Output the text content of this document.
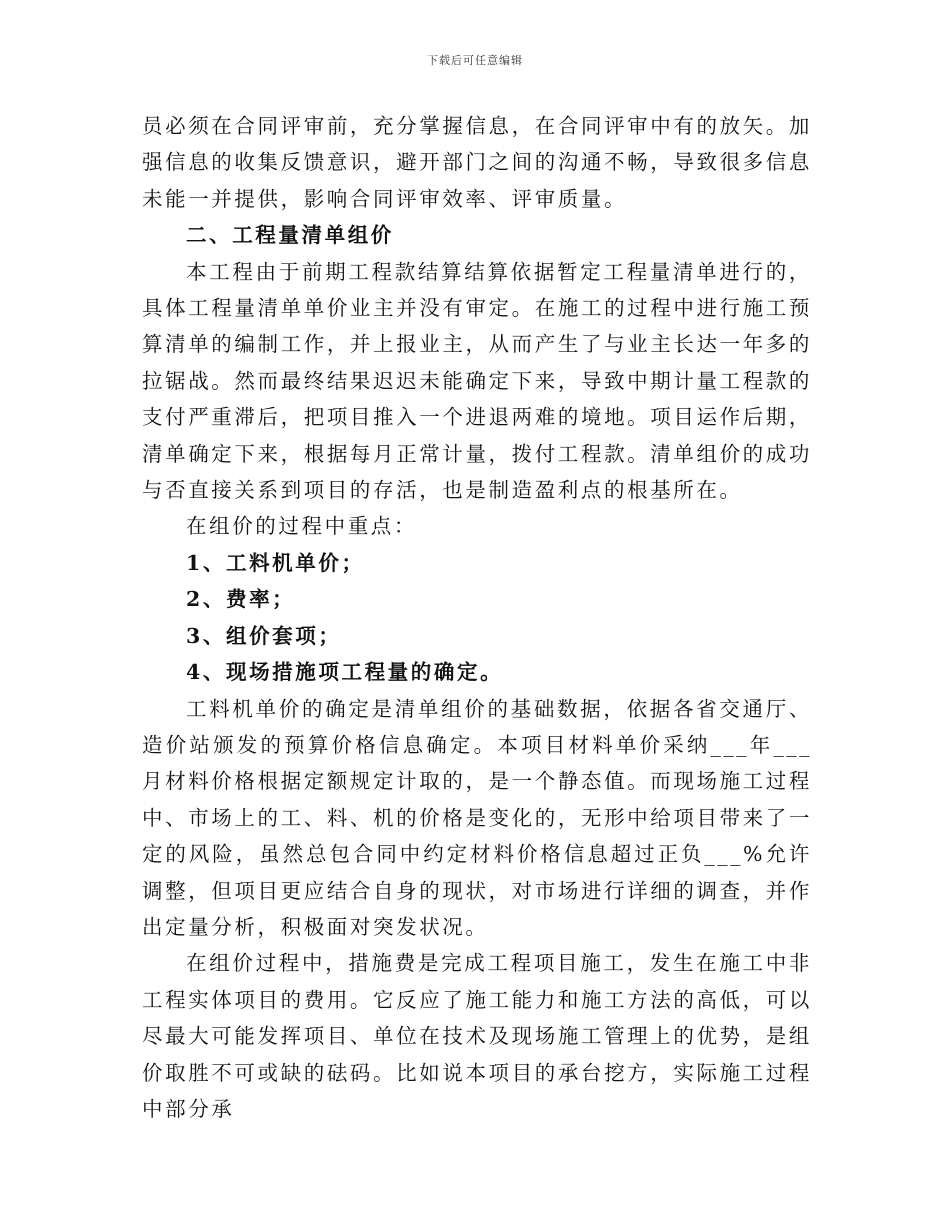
下载后可任意编辑

员必须在合同评审前，充分掌握信息，在合同评审中有的放矢。加强信息的收集反馈意识，避开部门之间的沟通不畅，导致很多信息未能一并提供，影响合同评审效率、评审质量。

二、工程量清单组价

本工程由于前期工程款结算结算依据暂定工程量清单进行的，具体工程量清单单价业主并没有审定。在施工的过程中进行施工预算清单的编制工作，并上报业主，从而产生了与业主长达一年多的拉锯战。然而最终结果迟迟未能确定下来，导致中期计量工程款的支付严重滞后，把项目推入一个进退两难的境地。项目运作后期，清单确定下来，根据每月正常计量，拨付工程款。清单组价的成功与否直接关系到项目的存活，也是制造盈利点的根基所在。

在组价的过程中重点：

1、工料机单价；

2、费率；

3、组价套项；

4、现场措施项工程量的确定。

工料机单价的确定是清单组价的基础数据，依据各省交通厅、造价站颁发的预算价格信息确定。本项目材料单价采纳___年___月材料价格根据定额规定计取的，是一个静态值。而现场施工过程中、市场上的工、料、机的价格是变化的，无形中给项目带来了一定的风险，虽然总包合同中约定材料价格信息超过正负___%允许调整，但项目更应结合自身的现状，对市场进行详细的调查，并作出定量分析，积极面对突发状况。

在组价过程中，措施费是完成工程项目施工，发生在施工中非工程实体项目的费用。它反应了施工能力和施工方法的高低，可以尽最大可能发挥项目、单位在技术及现场施工管理上的优势，是组价取胜不可或缺的砝码。比如说本项目的承台挖方，实际施工过程中部分承
